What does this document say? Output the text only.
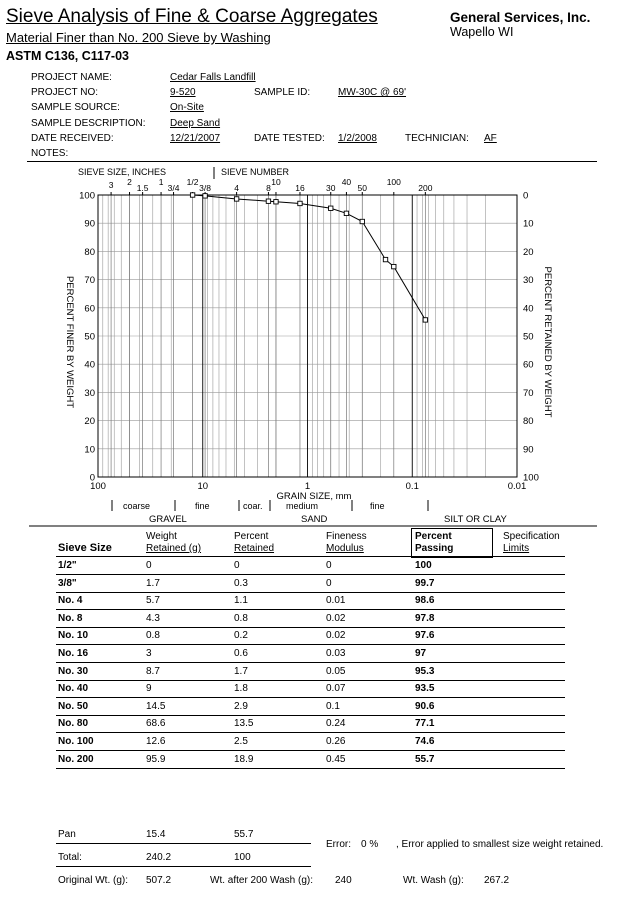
Sieve Analysis of Fine & Coarse Aggregates
Material Finer than No. 200 Sieve by Washing
ASTM C136, C117-03
General Services, Inc.
Wapello WI
PROJECT NAME:	Cedar Falls Landfill
PROJECT NO:	9-520	SAMPLE ID:	MW-30C @ 69'
SAMPLE SOURCE:	On-Site
SAMPLE DESCRIPTION: Deep Sand
DATE RECEIVED:	12/21/2007	DATE TESTED: 1/2/2008	TECHNICIAN: AF
NOTES:
SIEVE SIZE, INCHES	SIEVE NUMBER
3 2
1.5
1
3/4
1/2
3/8	4	8
10
16	30
40
50
100
200
0	100
10	90
20	80
30	70
40	60
50	50
60	40
70	30
80	20
90	10
100	0
100	10	1	0.1	0.01
GRAIN SIZE, mm
PERCENT FINER BY WEIGHT	PERCENT RETAINED BY WEIGHT
coarse	fine	coar.	medium	fine
GRAVEL	SAND	SILT OR CLAY
Weight
Retained (g)
Percent
Retained
Fineness
Modulus
Percent
Passing
Specification
Limits
Sieve Size
1/2"	0	0	0	100
3/8"	1.7	0.3	0	99.7
No. 4	5.7	1.1	0.01	98.6
No. 8	4.3	0.8	0.02	97.8
No. 10	0.8	0.2	0.02	97.6
No. 16	3	0.6	0.03	97
No. 30	8.7	1.7	0.05	95.3
No. 40	9	1.8	0.07	93.5
No. 50	14.5	2.9	0.1	90.6
No. 80	68.6	13.5	0.24	77.1
No. 100	12.6	2.5	0.26	74.6
No. 200	95.9	18.9	0.45	55.7
Pan	15.4	55.7
Error: 0 % , Error applied to smallest size weight retained.
Total:	240.2	100
Original Wt. (g): 507.2	Wt. after 200 Wash (g): 240	Wt. Wash (g): 267.2
